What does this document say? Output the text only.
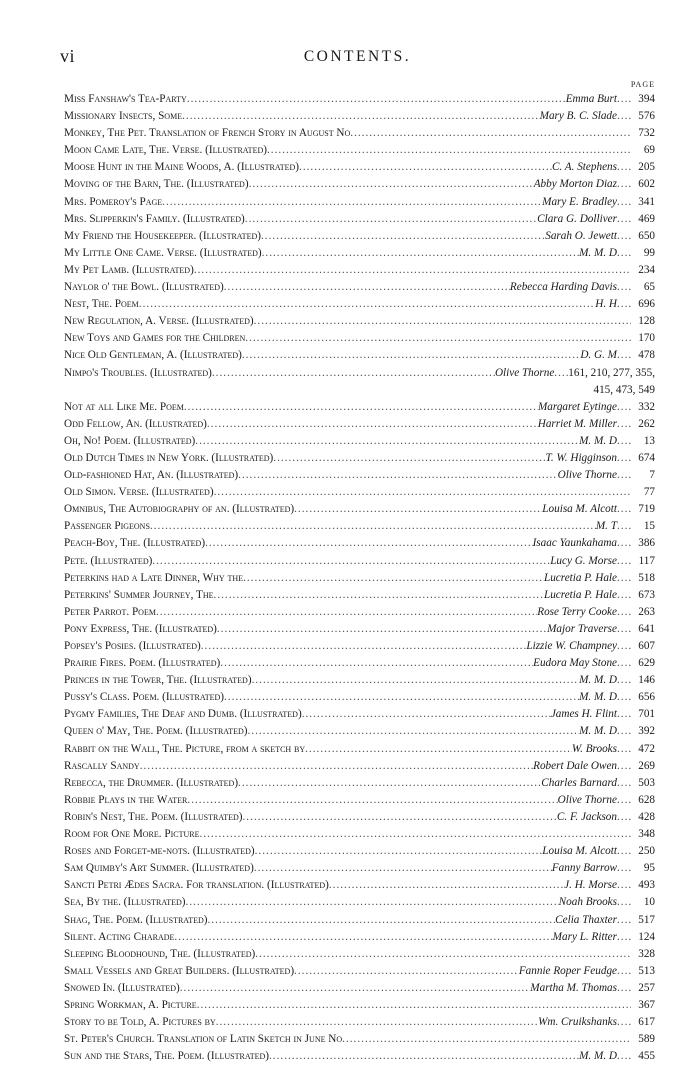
vi	CONTENTS.
PAGE
Miss Fanshaw's Tea-Party .....	Emma Burt .....	394
Missionary Insects, Some .....	Mary B. C. Slade .....	576
Monkey, The Pet. Translation of French Story in August No .....	732
Moon Came Late, The. Verse. (Illustrated) .....	69
Moose Hunt in the Maine Woods, A. (Illustrated) .....	C. A. Stephens .....	205
Moving of the Barn, The. (Illustrated) .....	Abby Morton Diaz .....	602
Mrs. Pomeroy's Page .....	Mary E. Bradley .....	341
Mrs. Slipperkin's Family. (Illustrated) .....	Clara G. Dolliver .....	469
My Friend the Housekeeper. (Illustrated) .....	Sarah O. Jewett .....	650
My Little One Came. Verse. (Illustrated) .....	M. M. D .....	99
My Pet Lamb. (Illustrated) .....	234
Naylor o' the Bowl. (Illustrated) .....	Rebecca Harding Davis .....	65
Nest, The. Poem .....	H. H .....	696
New Regulation, A. Verse. (Illustrated) .....	128
New Toys and Games for the Children .....	170
Nice Old Gentleman, A. (Illustrated) .....	D. G. M .....	478
Nimpo's Troubles. (Illustrated) .....	Olive Thorne ..... 161, 210, 277, 355,
415, 473, 549
Not at all Like Me. Poem .....	Margaret Eytinge .....	332
Odd Fellow, An. (Illustrated) .....	Harriet M. Miller .....	262
Oh, No! Poem. (Illustrated) .....	M. M. D .....	13
Old Dutch Times in New York. (Illustrated) .....	T. W. Higginson .....	674
Old-fashioned Hat, An. (Illustrated) .....	Olive Thorne .....	7
Old Simon. Verse. (Illustrated) .....	77
Omnibus, The Autobiography of an. (Illustrated) .....	Louisa M. Alcott .....	719
Passenger Pigeons .....	M. T .....	15
Peach-Boy, The. (Illustrated) .....	Isaac Yaunkahama .....	386
Pete. (Illustrated) .....	Lucy G. Morse .....	117
Peterkins had a Late Dinner, Why the .....	Lucretia P. Hale .....	518
Peterkins' Summer Journey, The .....	Lucretia P. Hale .....	673
Peter Parrot. Poem .....	Rose Terry Cooke .....	263
Pony Express, The. (Illustrated) .....	Major Traverse .....	641
Popsey's Posies. (Illustrated) .....	Lizzie W. Champney .....	607
Prairie Fires. Poem. (Illustrated) .....	Eudora May Stone .....	629
Princes in the Tower, The. (Illustrated) .....	M. M. D .....	146
Pussy's Class. Poem. (Illustrated) .....	M. M. D .....	656
Pygmy Families, The Deaf and Dumb. (Illustrated) .....	James H. Flint .....	701
Queen o' May, The. Poem. (Illustrated) .....	M. M. D .....	392
Rabbit on the Wall, The. Picture, from a sketch by .....	W. Brooks .....	472
Rascally Sandy .....	Robert Dale Owen .....	269
Rebecca, the Drummer. (Illustrated) .....	Charles Barnard .....	503
Robbie Plays in the Water .....	Olive Thorne .....	628
Robin's Nest, The. Poem. (Illustrated) .....	C. F. Jackson .....	428
Room for One More. Picture .....	348
Roses and Forget-me-nots. (Illustrated) .....	Louisa M. Alcott .....	250
Sam Quimby's Art Summer. (Illustrated) .....	Fanny Barrow .....	95
Sancti Petri Ædes Sacra. For translation. (Illustrated) .....	J. H. Morse .....	493
Sea, By the. (Illustrated) .....	Noah Brooks .....	10
Shag, The. Poem. (Illustrated) .....	Celia Thaxter .....	517
Silent. Acting Charade .....	Mary L. Ritter .....	124
Sleeping Bloodhound, The. (Illustrated) .....	328
Small Vessels and Great Builders. (Illustrated) .....	Fannie Roper Feudge .....	513
Snowed In. (Illustrated) .....	Martha M. Thomas .....	257
Spring Workman, A. Picture .....	367
Story to be Told, A. Pictures by .....	Wm. Cruikshanks .....	617
St. Peter's Church. Translation of Latin Sketch in June No .....	589
Sun and the Stars, The. Poem. (Illustrated) .....	M. M. D .....	455
